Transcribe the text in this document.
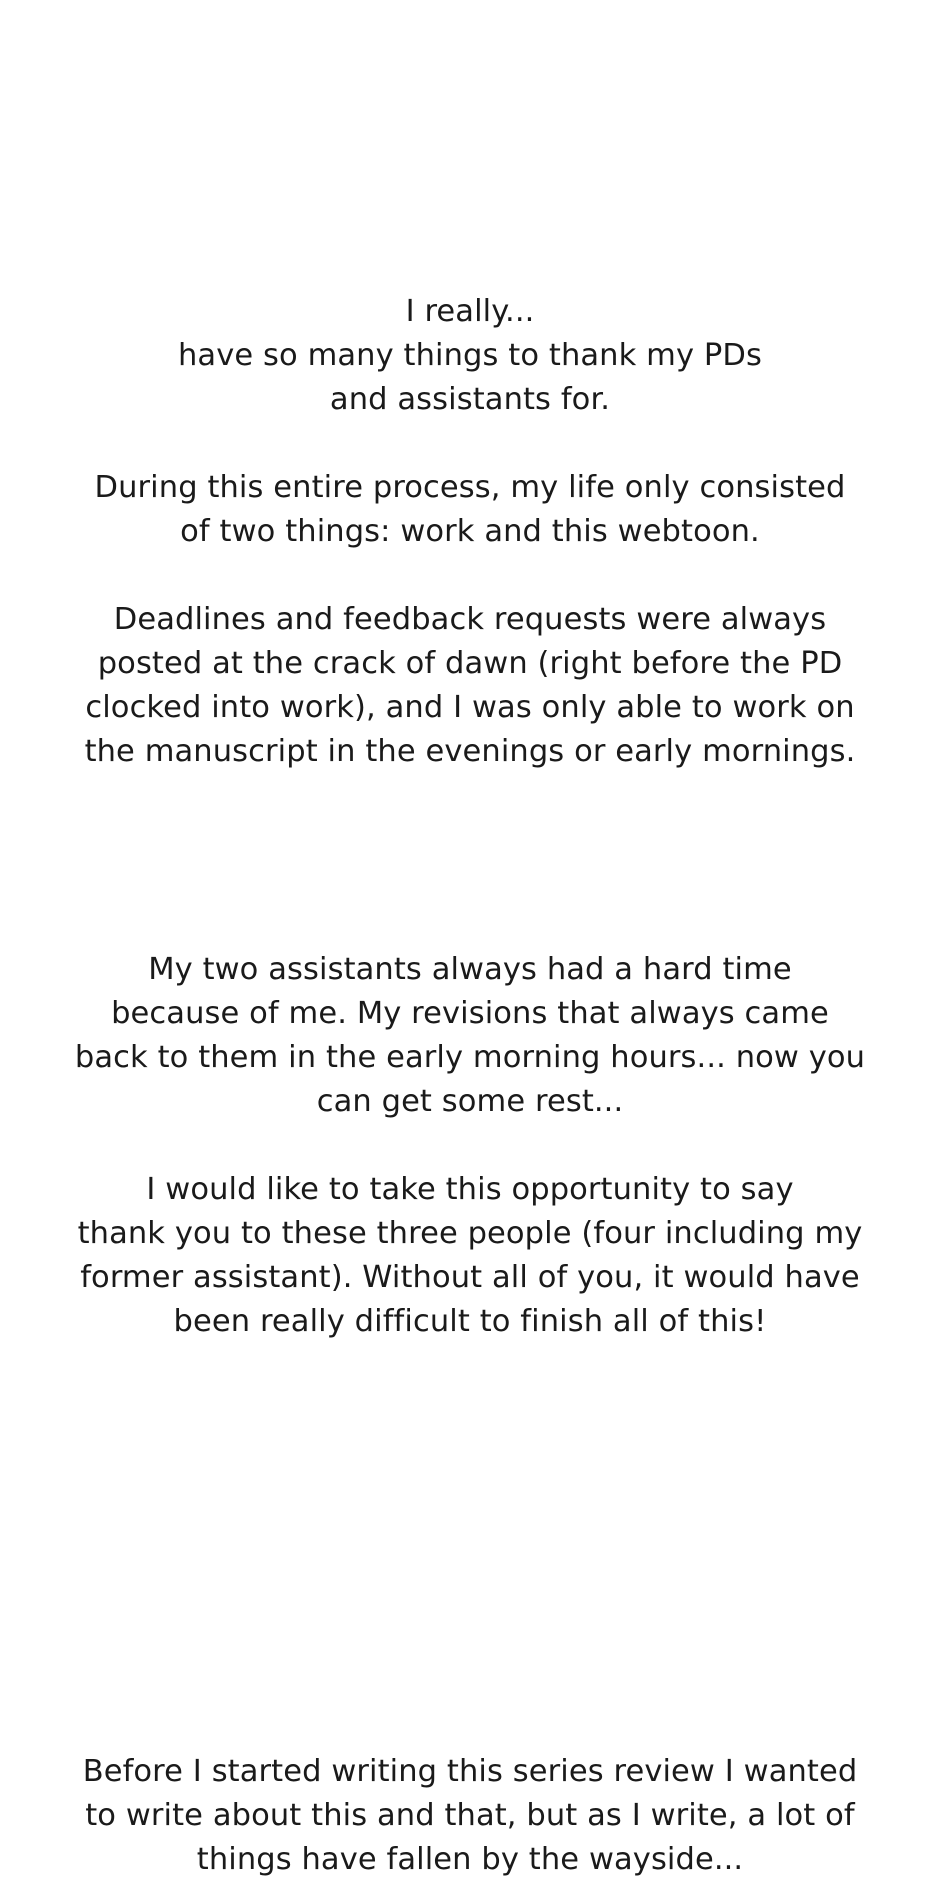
I really...
have so many things to thank my PDs
and assistants for.
During this entire process, my life only consisted
of two things: work and this webtoon.
Deadlines and feedback requests were always
posted at the crack of dawn (right before the PD
clocked into work), and I was only able to work on
the manuscript in the evenings or early mornings.
My two assistants always had a hard time
because of me. My revisions that always came
back to them in the early morning hours... now you
can get some rest...
I would like to take this opportunity to say
thank you to these three people (four including my
former assistant). Without all of you, it would have
been really difficult to finish all of this!
Before I started writing this series review I wanted
to write about this and that, but as I write, a lot of
things have fallen by the wayside...
